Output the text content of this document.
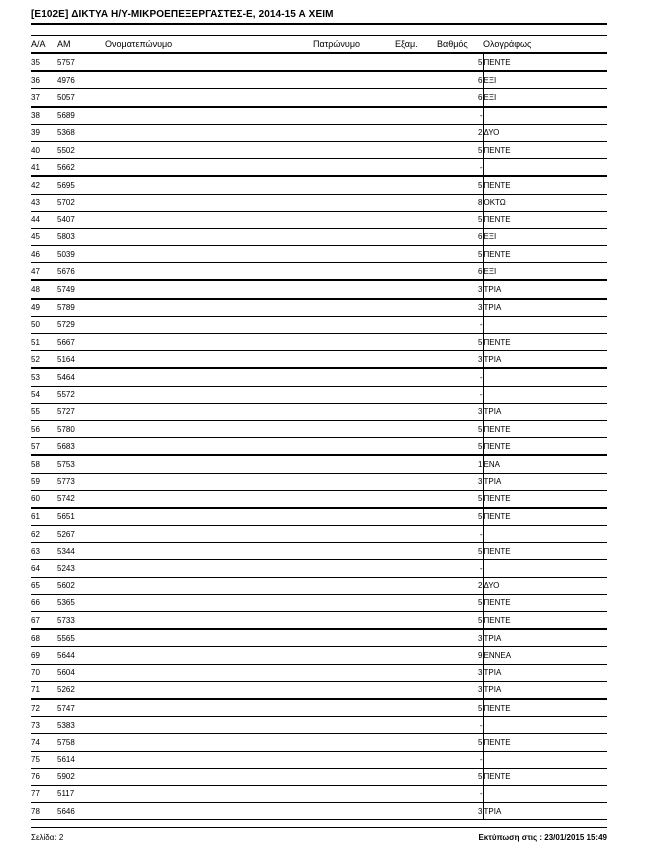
[E102E] ΔΙΚΤΥΑ Η/Υ-ΜΙΚΡΟΕΠΕΞΕΡΓΑΣΤΕΣ-Ε, 2014-15 Α ΧΕΙΜ
Α/Α	ΑΜ	Ονοματεπώνυμο	Πατρώνυμο	Εξαμ.	Βαθμός	Ολογράφως
35	5757				5	ΠΕΝΤΕ
36	4976				6	ΕΞΙ
37	5057				6	ΕΞΙ
38	5689				-	
39	5368				2	ΔΥΟ
40	5502				5	ΠΕΝΤΕ
41	5662				-	
42	5695				5	ΠΕΝΤΕ
43	5702				8	ΟΚΤΩ
44	5407				5	ΠΕΝΤΕ
45	5803				6	ΕΞΙ
46	5039				5	ΠΕΝΤΕ
47	5676				6	ΕΞΙ
48	5749				3	ΤΡΙΑ
49	5789				3	ΤΡΙΑ
50	5729				-	
51	5667				5	ΠΕΝΤΕ
52	5164				3	ΤΡΙΑ
53	5464				-	
54	5572				-	
55	5727				3	ΤΡΙΑ
56	5780				5	ΠΕΝΤΕ
57	5683				5	ΠΕΝΤΕ
58	5753				1	ΕΝΑ
59	5773				3	ΤΡΙΑ
60	5742				5	ΠΕΝΤΕ
61	5651				5	ΠΕΝΤΕ
62	5267				-	
63	5344				5	ΠΕΝΤΕ
64	5243				-	
65	5602				2	ΔΥΟ
66	5365				5	ΠΕΝΤΕ
67	5733				5	ΠΕΝΤΕ
68	5565				3	ΤΡΙΑ
69	5644				9	ΕΝΝΕΑ
70	5604				3	ΤΡΙΑ
71	5262				3	ΤΡΙΑ
72	5747				5	ΠΕΝΤΕ
73	5383				-	
74	5758				5	ΠΕΝΤΕ
75	5614				-	
76	5902				5	ΠΕΝΤΕ
77	5117				-	
78	5646				3	ΤΡΙΑ
Σελίδα: 2	Εκτύπωση στις : 23/01/2015 15:49
